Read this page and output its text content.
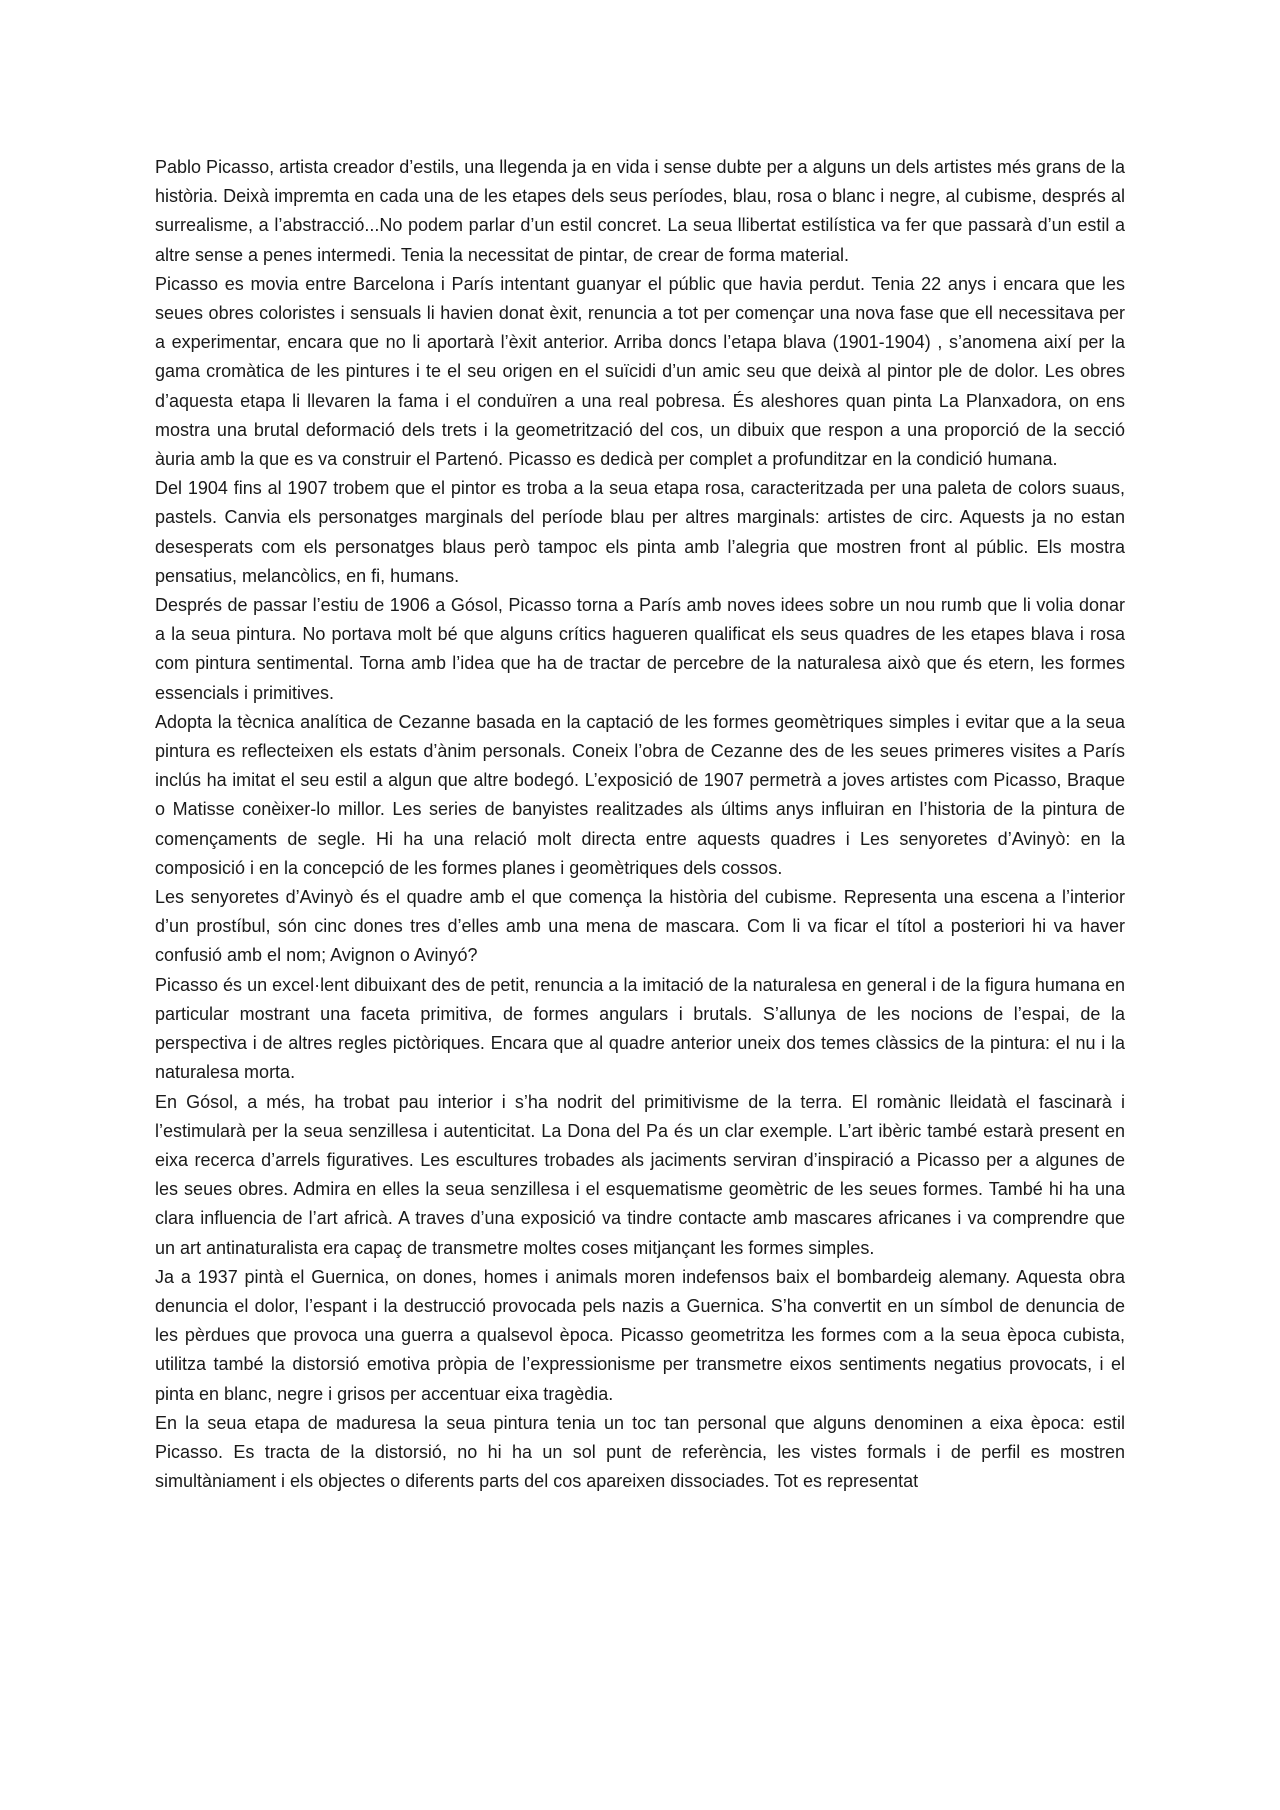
Pablo Picasso, artista creador d’estils, una llegenda ja en vida i sense dubte per a alguns un dels artistes més grans de la història. Deixà impremta en cada una de les etapes dels seus períodes, blau, rosa o blanc i negre, al cubisme, després al surrealisme, a l’abstracció...No podem parlar d’un estil concret. La seua llibertat estilística va fer que passarà d’un estil a altre sense a penes intermedi. Tenia la necessitat de pintar, de crear de forma material.

Picasso es movia entre Barcelona i París intentant guanyar el públic que havia perdut. Tenia 22 anys i encara que les seues obres coloristes i sensuals li havien donat èxit, renuncia a tot per començar una nova fase que ell necessitava per a experimentar, encara que no li aportarà l’èxit anterior. Arriba doncs l’etapa blava (1901-1904) , s’anomena així per la gama cromàtica de les pintures i te el seu origen en el suïcidi d’un amic seu que deixà al pintor ple de dolor. Les obres d’aquesta etapa li llevaren la fama i el conduïren a una real pobresa. És aleshores quan pinta La Planxadora, on ens mostra una brutal deformació dels trets i la geometrització del cos, un dibuix que respon a una proporció de la secció àuria amb la que es va construir el Partenó. Picasso es dedicà per complet a profunditzar en la condició humana.

Del 1904 fins al 1907 trobem que el pintor es troba a la seua etapa rosa, caracteritzada per una paleta de colors suaus, pastels. Canvia els personatges marginals del període blau per altres marginals: artistes de circ. Aquests ja no estan desesperats com els personatges blaus però tampoc els pinta amb l’alegria que mostren front al públic. Els mostra pensatius, melancòlics, en fi, humans.

Després de passar l’estiu de 1906 a Gósol, Picasso torna a París amb noves idees sobre un nou rumb que li volia donar a la seua pintura. No portava molt bé que alguns crítics hagueren qualificat els seus quadres de les etapes blava i rosa com pintura sentimental. Torna amb l’idea que ha de tractar de percebre de la naturalesa això que és etern, les formes essencials i primitives.

Adopta la tècnica analítica de Cezanne basada en la captació de les formes geomètriques simples i evitar que a la seua pintura es reflecteixen els estats d’ànim personals. Coneix l’obra de Cezanne des de les seues primeres visites a París inclús ha imitat el seu estil a algun que altre bodegó. L’exposició de 1907 permetrà a joves artistes com Picasso, Braque o Matisse conèixer-lo millor. Les series de banyistes realitzades als últims anys influiran en l’historia de la pintura de començaments de segle. Hi ha una relació molt directa entre aquests quadres i Les senyoretes d’Avinyò: en la composició i en la concepció de les formes planes i geomètriques dels cossos.

Les senyoretes d’Avinyò és el quadre amb el que comença la història del cubisme. Representa una escena a l’interior d’un prostíbul, són cinc dones tres d’elles amb una mena de mascara. Com li va ficar el títol a posteriori hi va haver confusió amb el nom; Avignon o Avinyó?

Picasso és un excel·lent dibuixant des de petit, renuncia a la imitació de la naturalesa en general i de la figura humana en particular mostrant una faceta primitiva, de formes angulars i brutals. S’allunya de les nocions de l’espai, de la perspectiva i de altres regles pictòriques. Encara que al quadre anterior uneix dos temes clàssics de la pintura: el nu i la naturalesa morta.

En Gósol, a més, ha trobat pau interior i s’ha nodrit del primitivisme de la terra. El romànic lleidatà el fascinarà i l’estimularà per la seua senzillesa i autenticitat. La Dona del Pa és un clar exemple. L’art ibèric també estarà present en eixa recerca d’arrels figuratives. Les escultures trobades als jaciments serviran d’inspiració a Picasso per a algunes de les seues obres. Admira en elles la seua senzillesa i el esquematisme geomètric de les seues formes. També hi ha una clara influencia de l’art africà. A traves d’una exposició va tindre contacte amb mascares africanes i va comprendre que un art antinaturalista era capaç de transmetre moltes coses mitjançant les formes simples.

Ja a 1937 pintà el Guernica, on dones, homes i animals moren indefensos baix el bombardeig alemany. Aquesta obra denuncia el dolor, l’espant i la destrucció provocada pels nazis a Guernica. S’ha convertit en un símbol de denuncia de les pèrdues que provoca una guerra a qualsevol època. Picasso geometritza les formes com a la seua època cubista, utilitza també la distorsió emotiva pròpia de l’expressionisme per transmetre eixos sentiments negatius provocats, i el pinta en blanc, negre i grisos per accentuar eixa tragèdia.

En la seua etapa de maduresa la seua pintura tenia un toc tan personal que alguns denominen a eixa època: estil Picasso. Es tracta de la distorsió, no hi ha un sol punt de referència, les vistes formals i de perfil es mostren simultàniament i els objectes o diferents parts del cos apareixen dissociades. Tot es representat
